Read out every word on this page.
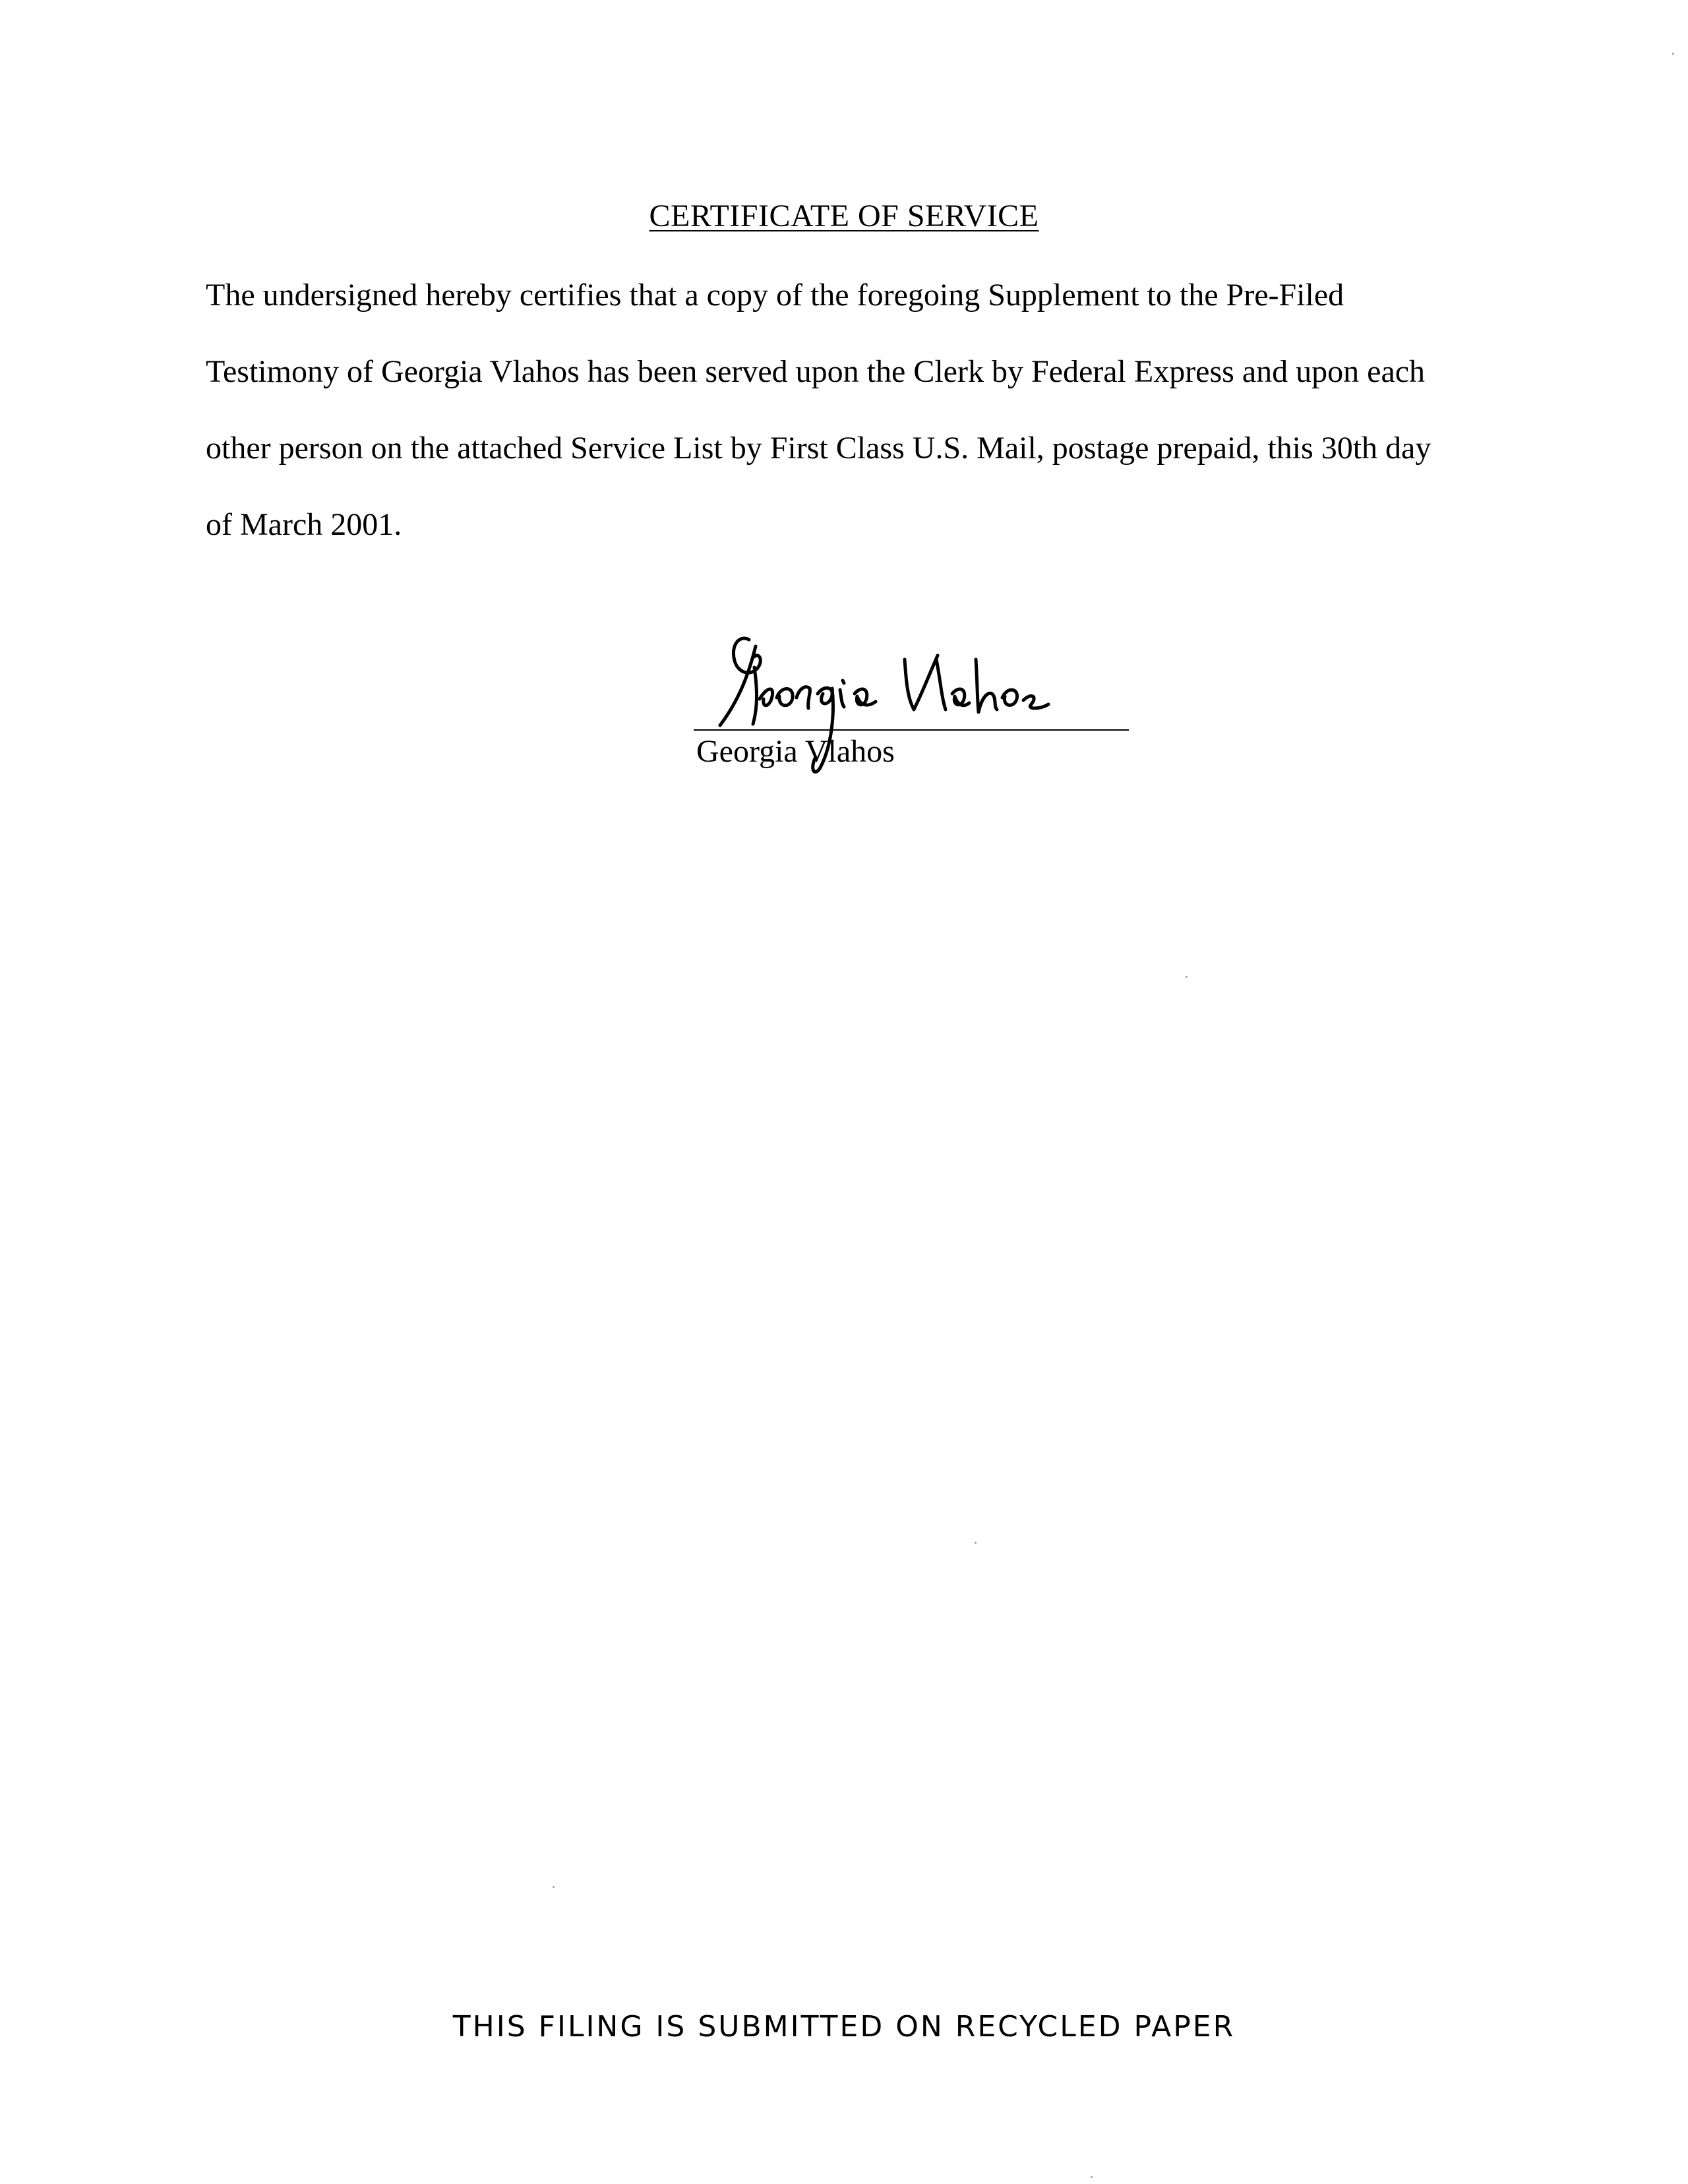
CERTIFICATE OF SERVICE
The undersigned hereby certifies that a copy of the foregoing Supplement to the Pre-Filed
Testimony of Georgia Vlahos has been served upon the Clerk by Federal Express and upon each
other person on the attached Service List by First Class U.S. Mail, postage prepaid, this 30th day
of March 2001.
Georgia Vlahos
THIS FILING IS SUBMITTED ON RECYCLED PAPER
